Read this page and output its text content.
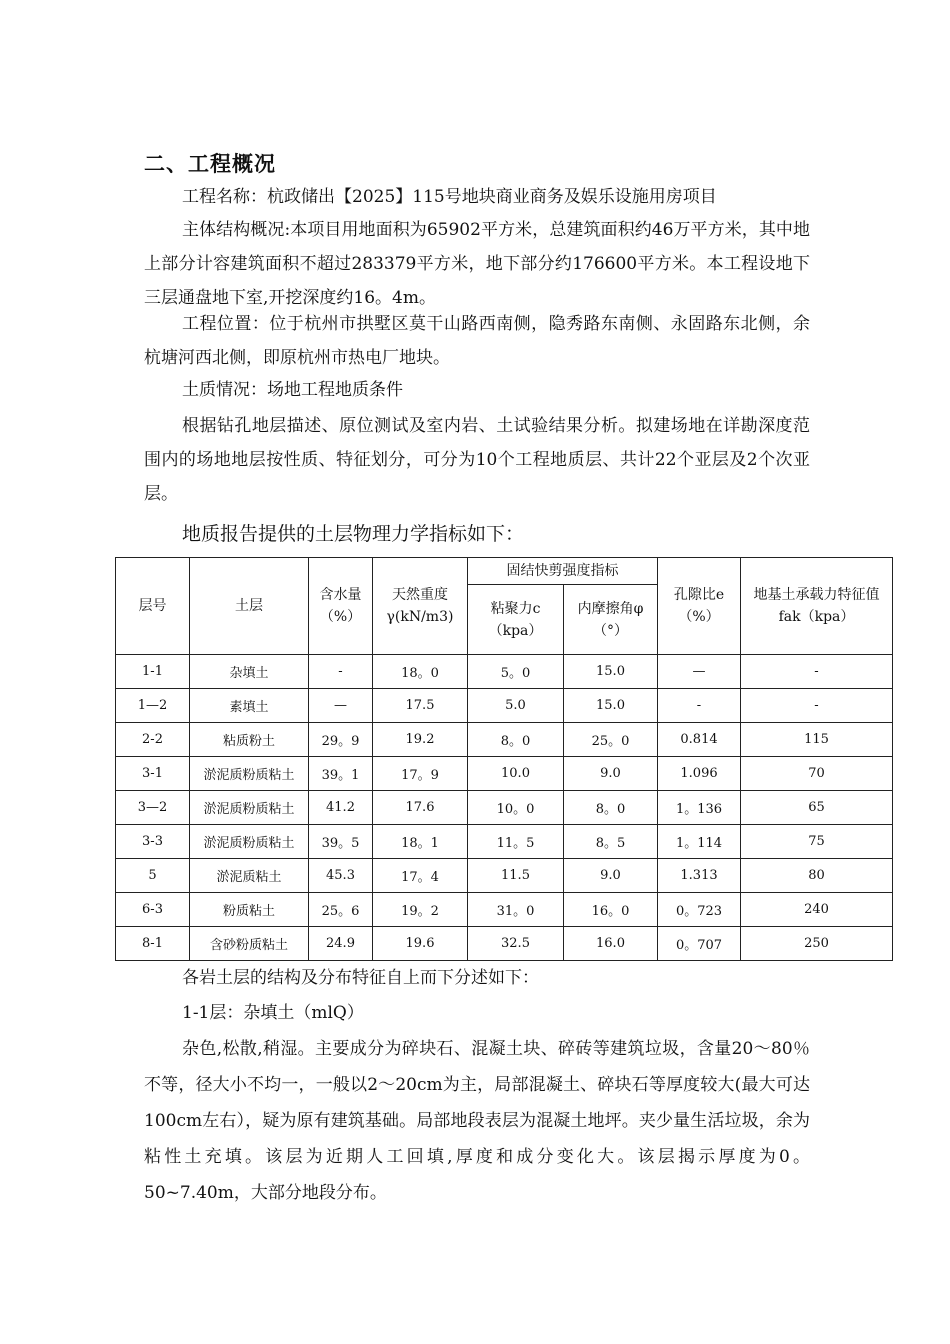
二、工程概况
工程名称：杭政储出【2025】115号地块商业商务及娱乐设施用房项目
主体结构概况:本项目用地面积为65902平方米，总建筑面积约46万平方米，其中地上部分计容建筑面积不超过283379平方米，地下部分约176600平方米。本工程设地下三层通盘地下室,开挖深度约16。4m。
工程位置：位于杭州市拱墅区莫干山路西南侧，隐秀路东南侧、永固路东北侧，余杭塘河西北侧，即原杭州市热电厂地块。
土质情况：场地工程地质条件
根据钻孔地层描述、原位测试及室内岩、土试验结果分析。拟建场地在详勘深度范围内的场地地层按性质、特征划分，可分为10个工程地质层、共计22个亚层及2个次亚层。
地质报告提供的土层物理力学指标如下：
层号	土层	含水量（%）	天然重度γ(kN/m3)	固结快剪强度指标		孔隙比e（%）	地基土承载力特征值fak（kpa）
				粘聚力c（kpa）	内摩擦角φ（°）		
1-1	杂填土	-	18。0	5。0	15.0	—	-
1—2	素填土	—	17.5	5.0	15.0	-	-
2-2	粘质粉土	29。9	19.2	8。0	25。0	0.814	115
3-1	淤泥质粉质粘土	39。1	17。9	10.0	9.0	1.096	70
3—2	淤泥质粉质粘土	41.2	17.6	10。0	8。0	1。136	65
3-3	淤泥质粉质粘土	39。5	18。1	11。5	8。5	1。114	75
5	淤泥质粘土	45.3	17。4	11.5	9.0	1.313	80
6-3	粉质粘土	25。6	19。2	31。0	16。0	0。723	240
8-1	含砂粉质粘土	24.9	19.6	32.5	16.0	0。707	250
各岩土层的结构及分布特征自上而下分述如下：
1-1层：杂填土（mlQ）
杂色,松散,稍湿。主要成分为碎块石、混凝土块、碎砖等建筑垃圾，含量20～80％不等，径大小不均一，一般以2～20cm为主，局部混凝土、碎块石等厚度较大(最大可达100cm左右），疑为原有建筑基础。局部地段表层为混凝土地坪。夹少量生活垃圾，余为粘性土充填。该层为近期人工回填,厚度和成分变化大。该层揭示厚度为0。50~7.40m，大部分地段分布。
